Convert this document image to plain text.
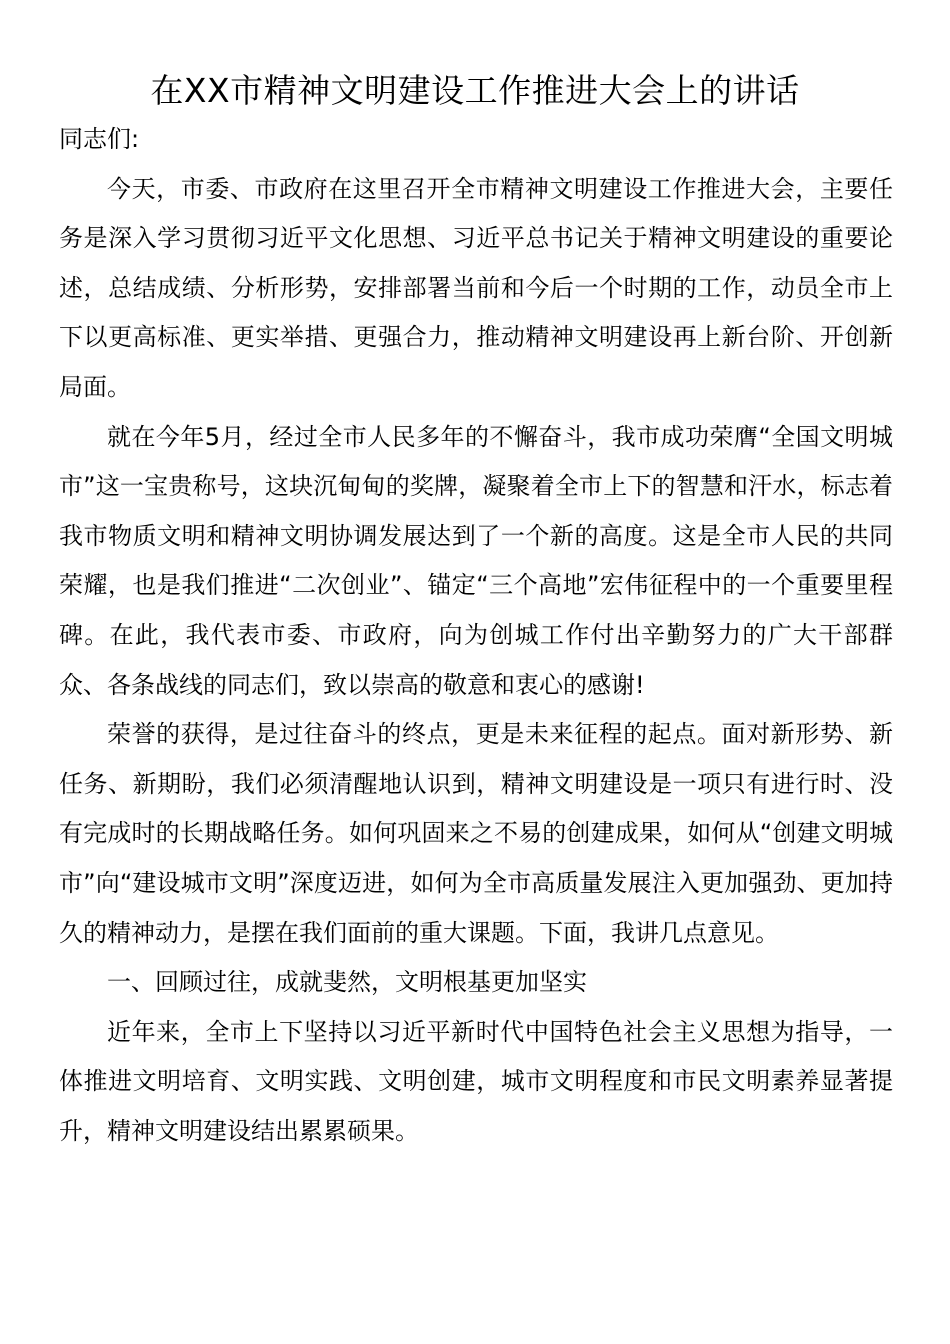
在XX市精神文明建设工作推进大会上的讲话

同志们:

今天，市委、市政府在这里召开全市精神文明建设工作推进大会，主要任务是深入学习贯彻习近平文化思想、习近平总书记关于精神文明建设的重要论述，总结成绩、分析形势，安排部署当前和今后一个时期的工作，动员全市上下以更高标准、更实举措、更强合力，推动精神文明建设再上新台阶、开创新局面。

就在今年5月，经过全市人民多年的不懈奋斗，我市成功荣膺“全国文明城市”这一宝贵称号，这块沉甸甸的奖牌，凝聚着全市上下的智慧和汗水，标志着我市物质文明和精神文明协调发展达到了一个新的高度。这是全市人民的共同荣耀，也是我们推进“二次创业”、锚定“三个高地”宏伟征程中的一个重要里程碑。在此，我代表市委、市政府，向为创城工作付出辛勤努力的广大干部群众、各条战线的同志们，致以崇高的敬意和衷心的感谢!

荣誉的获得，是过往奋斗的终点，更是未来征程的起点。面对新形势、新任务、新期盼，我们必须清醒地认识到，精神文明建设是一项只有进行时、没有完成时的长期战略任务。如何巩固来之不易的创建成果，如何从“创建文明城市”向“建设城市文明”深度迈进，如何为全市高质量发展注入更加强劲、更加持久的精神动力，是摆在我们面前的重大课题。下面，我讲几点意见。

一、回顾过往，成就斐然，文明根基更加坚实

近年来，全市上下坚持以习近平新时代中国特色社会主义思想为指导，一体推进文明培育、文明实践、文明创建，城市文明程度和市民文明素养显著提升，精神文明建设结出累累硕果。
